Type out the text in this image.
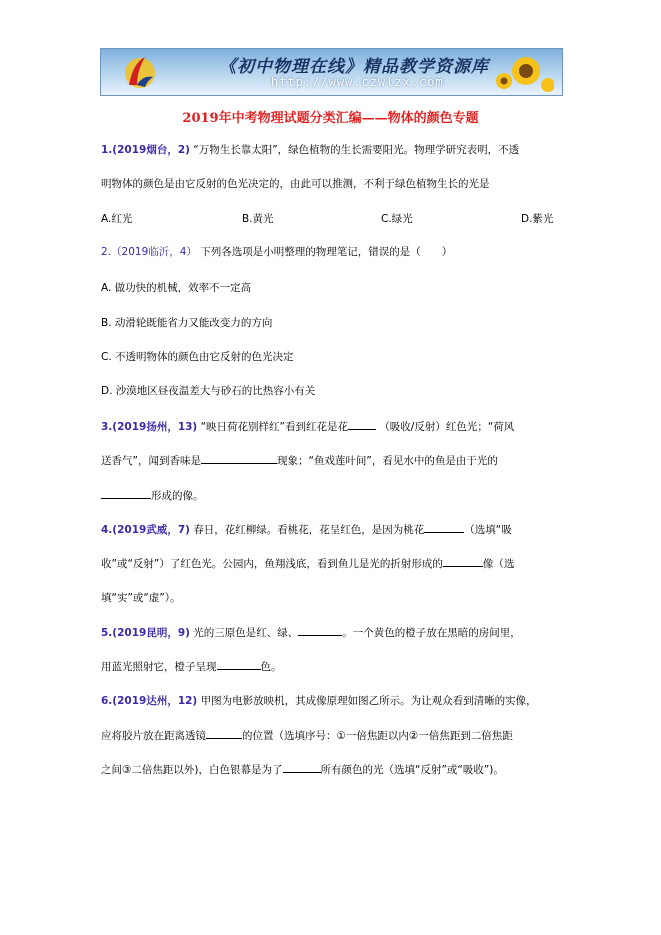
《初中物理在线》精品教学资源库
http://www.czwlzx.com
2019年中考物理试题分类汇编——物体的颜色专题
1.(2019烟台，2) “万物生长靠太阳”，绿色植物的生长需要阳光。物理学研究表明，不透
明物体的颜色是由它反射的色光决定的，由此可以推测，不利于绿色植物生长的光是
A.红光	B.黄光	C.绿光	D.紫光
2.（2019临沂，4） 下列各选项是小明整理的物理笔记，错误的是（　　）
A. 做功快的机械，效率不一定高
B. 动滑轮既能省力又能改变力的方向
C. 不透明物体的颜色由它反射的色光决定
D. 沙漠地区昼夜温差大与砂石的比热容小有关
3.(2019扬州，13) “映日荷花别样红”看到红花是花	（吸收/反射）红色光；“荷风
送香气”，闻到香味是	现象；“鱼戏莲叶间”，看见水中的鱼是由于光的
形成的像。
4.(2019武威，7) 春日，花红柳绿。看桃花，花呈红色，是因为桃花	（选填“吸
收”或“反射”）了红色光。公园内，鱼翔浅底，看到鱼儿是光的折射形成的	像（选
填“实”或“虚”）。
5.(2019昆明，9) 光的三原色是红、绿、	。一个黄色的橙子放在黑暗的房间里，
用蓝光照射它，橙子呈现	色。
6.(2019达州，12) 甲图为电影放映机，其成像原理如图乙所示。为让观众看到清晰的实像，
应将胶片放在距离透镜	的位置（选填序号：①一倍焦距以内②一倍焦距到二倍焦距
之间③二倍焦距以外)，白色银幕是为了	所有颜色的光（选填“反射”或“吸收”)。
